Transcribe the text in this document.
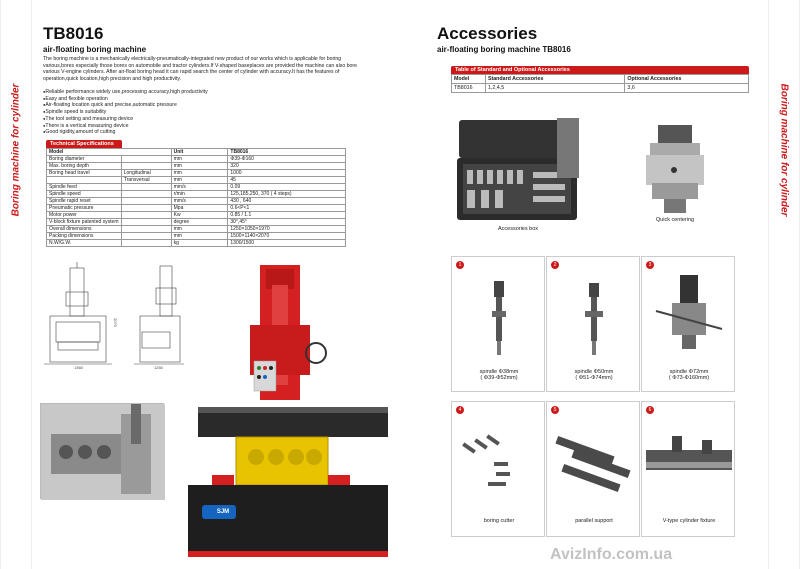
Boring machine for cylinder	Boring machine for cylinder
TB8016
air-floating boring machine
The boring machine is a mechanically electrically-pneumatically-integrated new product of our works which is applicable for boring various,bores especially those bores on automobile and tractor cylinders.If V-shaped baseplaces are provided the machine can also bore various V-engine cylinders. After air-float boring head it can rapid search the center of cylinder with accuracy.It has the features of operation,quick location,high precision and high productivity.
● Reliable performance widely use,processing accuracy,high productivity
● Easy and flexible operation
● Air-floating location quick and precise,automatic pressure
● Spindle speed is suitability
● The tool setting and measuring device
● There is a vertical measuring device
● Good rigidity,amount of cutting
Technical Specifications
Model		Unit	TB8016
Boring diameter		mm	Φ39-Φ160
Max. boring depth		mm	320
Boring head travel	Longitudinal	mm	1000
	Transversal	mm	45
Spindle feed		mm/s	0.09
Spindle speed		r/min	125,185,250, 370 ( 4 steps)
Spindle rapid reset		mm/s	430 , 640
Pneumatic pressure		Mpa	0.6<P<1
Motor power		Kw	0.85 / 1.1
V-block fixture patented system		degree	30°,45°
Overall dimensions		mm	1250×1050×1970
Packing dimensions		mm	1500×1140×2070
N.W/G.W.		kg	1300/1500
1360
2070
1250
SJM
Accessories
air-floating boring machine TB8016
Table of Standard and Optional Accessories
Model	Standard Accessories	Optional Accessories
TB8016	1,2,4,5	3,6
Accessories box
Quick centering
1
spindle Φ38mm
( Φ39-Φ52mm)
2
spindle Φ50mm
( Φ51-Φ74mm)
3
spindle Φ72mm
( Φ73-Φ160mm)
4
boring cutter
5
parallel support
6
V-type cylinder fixture
AvizInfo.com.ua
